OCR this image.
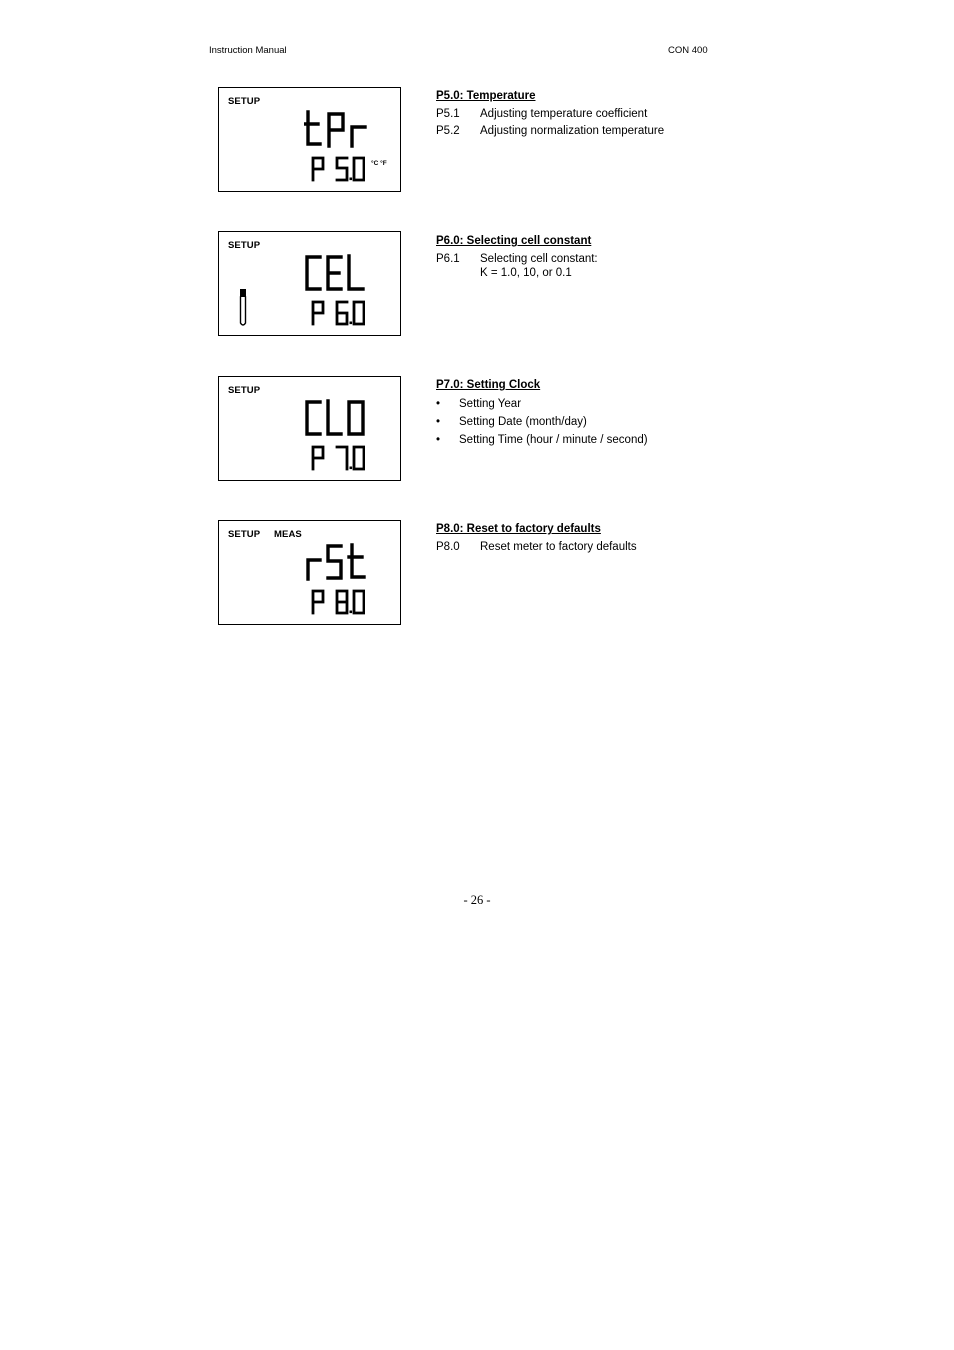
Instruction Manual	CON 400
SETUP
°C °F
SETUP
SETUP
SETUP MEAS
P5.0: Temperature
P5.1	Adjusting temperature coefficient
P5.2	Adjusting normalization temperature
P6.0: Selecting cell constant
P6.1	Selecting cell constant:
K = 1.0, 10, or 0.1
P7.0: Setting Clock
•	Setting Year
•	Setting Date (month/day)
•	Setting Time (hour / minute / second)
P8.0: Reset to factory defaults
P8.0	Reset meter to factory defaults
- 26 -
